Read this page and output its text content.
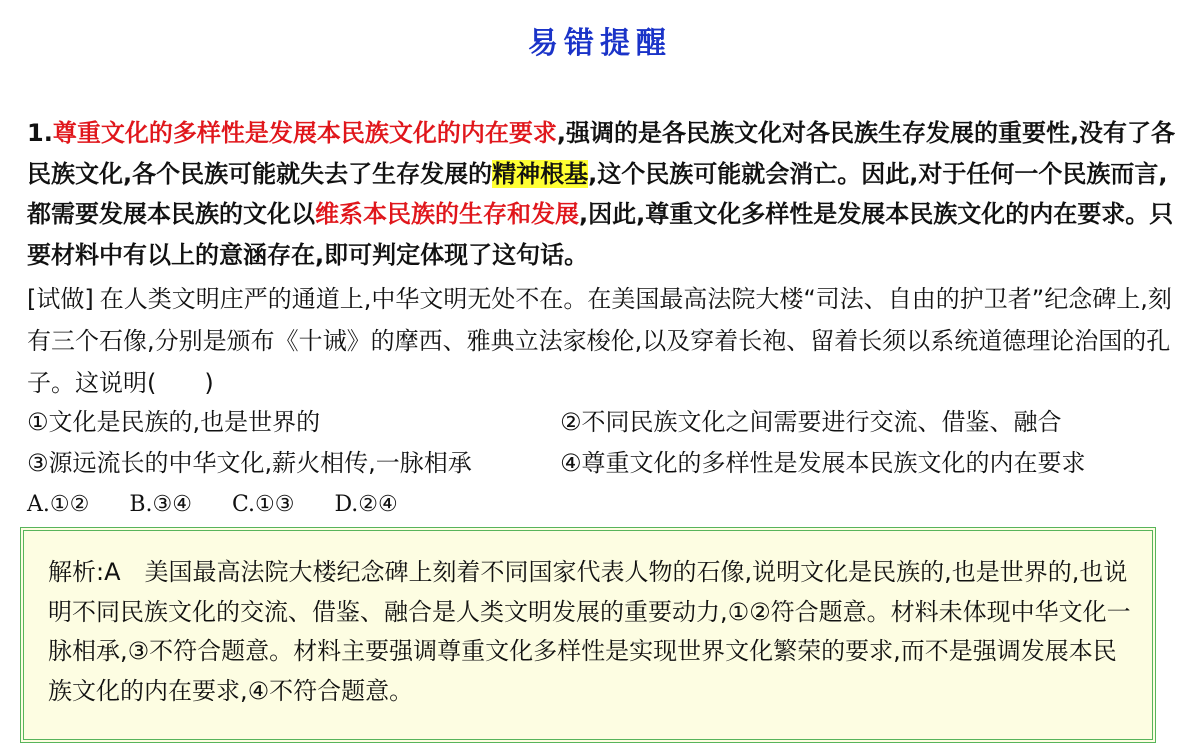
易错提醒
1.尊重文化的多样性是发展本民族文化的内在要求,强调的是各民族文化对各民族生存发展的重要性,没有了各民族文化,各个民族可能就失去了生存发展的精神根基,这个民族可能就会消亡。因此,对于任何一个民族而言,都需要发展本民族的文化以维系本民族的生存和发展,因此,尊重文化多样性是发展本民族文化的内在要求。只要材料中有以上的意涵存在,即可判定体现了这句话。
[试做] 在人类文明庄严的通道上,中华文明无处不在。在美国最高法院大楼“司法、自由的护卫者”纪念碑上,刻有三个石像,分别是颁布《十诫》的摩西、雅典立法家梭伦,以及穿着长袍、留着长须以系统道德理论治国的孔子。这说明(　　)
①文化是民族的,也是世界的	②不同民族文化之间需要进行交流、借鉴、融合
③源远流长的中华文化,薪火相传,一脉相承	④尊重文化的多样性是发展本民族文化的内在要求
A.①② B.③④ C.①③ D.②④
解析:A　美国最高法院大楼纪念碑上刻着不同国家代表人物的石像,说明文化是民族的,也是世界的,也说明不同民族文化的交流、借鉴、融合是人类文明发展的重要动力,①②符合题意。材料未体现中华文化一脉相承,③不符合题意。材料主要强调尊重文化多样性是实现世界文化繁荣的要求,而不是强调发展本民族文化的内在要求,④不符合题意。
